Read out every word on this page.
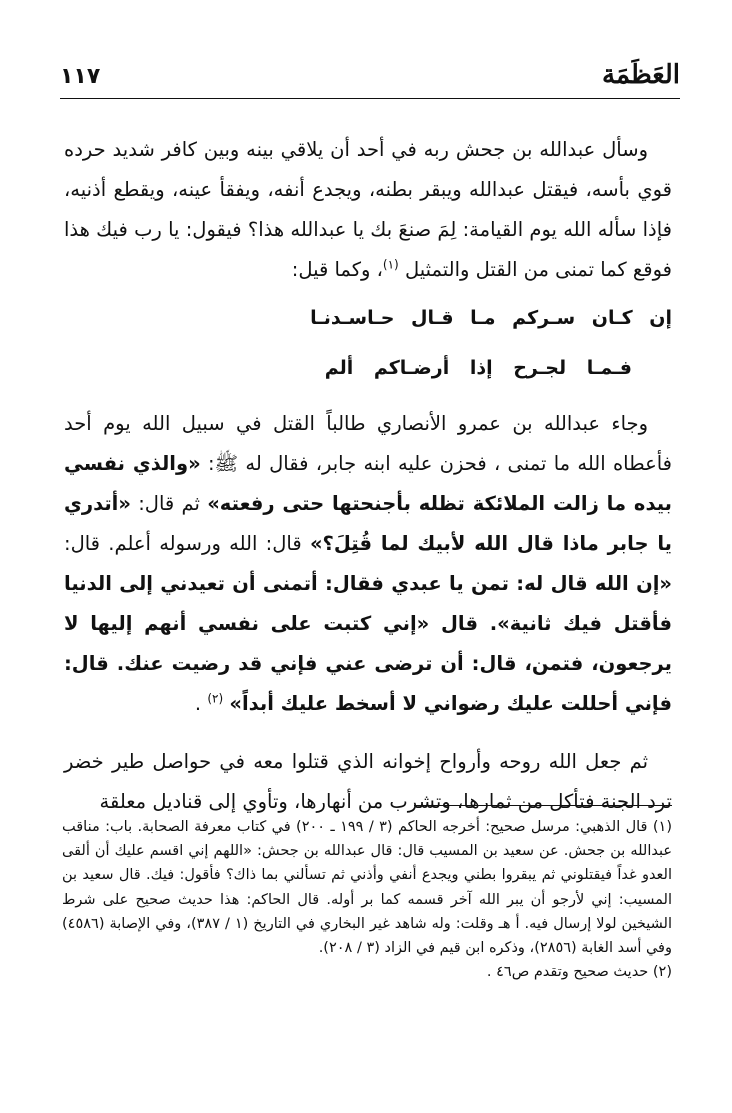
١١٧	العَظَمَة

وسأل عبدالله بن جحش ربه في أحد أن يلاقي بينه وبين كافر شديد حرده قوي بأسه، فيقتل عبدالله ويبقر بطنه، ويجدع أنفه، ويفقأ عينه، ويقطع أذنيه، فإذا سأله الله يوم القيامة: لِمَ صنعَ بك يا عبدالله هذا؟ فيقول: يا رب فيك هذا فوقع كما تمنى من القتل والتمثيل $^{(١)}$، وكما قيل:

إن كـان سـركم مـا قـال حـاسـدنـا

فـمـا لجـرح إذا أرضـاكم ألم

وجاء عبدالله بن عمرو الأنصاري طالباً القتل في سبيل الله يوم أحد فأعطاه الله ما تمنى ، فحزن عليه ابنه جابر، فقال له ﷺ: «والذي نفسي بيده ما زالت الملائكة تظله بأجنحتها حتى رفعته» ثم قال: «أتدري يا جابر ماذا قال الله لأبيك لما قُتِلَ؟» قال: الله ورسوله أعلم. قال: «إن الله قال له: تمن يا عبدي فقال: أتمنى أن تعيدني إلى الدنيا فأقتل فيك ثانية». قال «إني كتبت على نفسي أنهم إليها لا يرجعون، فتمن، قال: أن ترضى عني فإني قد رضيت عنك. قال: فإني أحللت عليك رضواني لا أسخط عليك أبداً» $^{(٢)}$ .

ثم جعل الله روحه وأرواح إخوانه الذي قتلوا معه في حواصل طير خضر ترد الجنة فتأكل من ثمارها، وتشرب من أنهارها، وتأوي إلى قناديل معلقة

(١) قال الذهبي: مرسل صحيح: أخرجه الحاكم (٣ / ١٩٩ ـ ٢٠٠) في كتاب معرفة الصحابة. باب: مناقب عبدالله بن جحش. عن سعيد بن المسيب قال: قال عبدالله بن جحش: «اللهم إني اقسم عليك أن ألقى العدو غداً فيقتلوني ثم يبقروا بطني ويجدع أنفي وأذني ثم تسألني بما ذاك؟ فأقول: فيك. قال سعيد بن المسيب: إني لأرجو أن يبر الله آخر قسمه كما بر أوله. قال الحاكم: هذا حديث صحيح على شرط الشيخين لولا إرسال فيه. أ هـ وقلت: وله شاهد غير البخاري في التاريخ (١ / ٣٨٧)، وفي الإصابة (٤٥٨٦) وفي أسد الغابة (٢٨٥٦)، وذكره ابن قيم في الزاد (٣ / ٢٠٨).

(٢) حديث صحيح وتقدم ص٤٦ .
